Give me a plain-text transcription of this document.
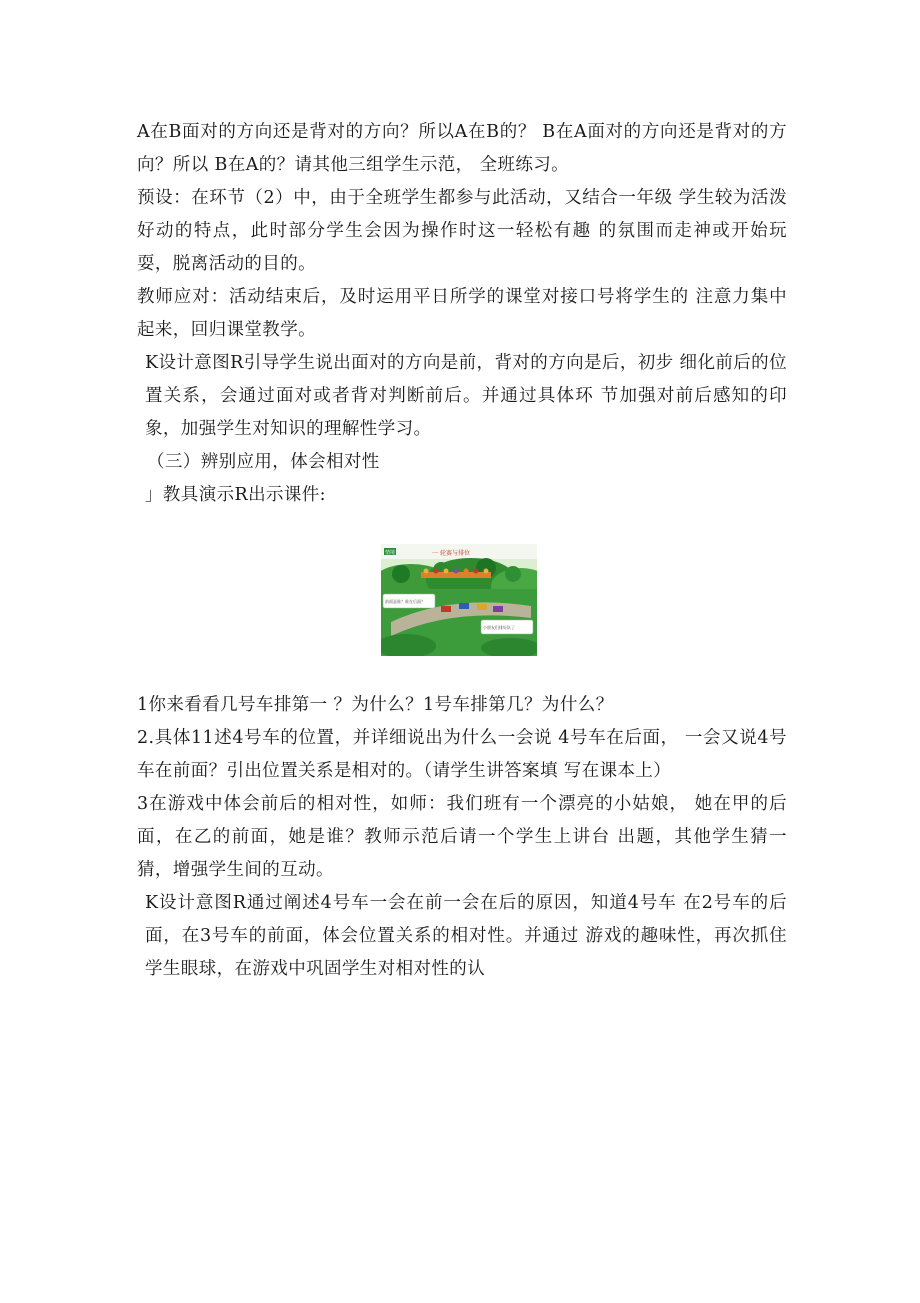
A在B面对的方向还是背对的方向？所以A在B的？ B在A面对的方向还是背对的方向？所以 B在A的？请其他三组学生示范， 全班练习。

预设：在环节（2）中，由于全班学生都参与此活动，又结合一年级 学生较为活泼好动的特点，此时部分学生会因为操作时这一轻松有趣 的氛围而走神或开始玩耍，脱离活动的目的。

教师应对：活动结束后，及时运用平日所学的课堂对接口号将学生的 注意力集中起来，回归课堂教学。

K设计意图R引导学生说出面对的方向是前，背对的方向是后，初步 细化前后的位置关系，会通过面对或者背对判断前后。并通过具体环 节加强对前后感知的印象，加强学生对知识的理解性学习。

（三）辨别应用，体会相对性

」教具演示R出示课件:

情境	一 轮赛与排位
前面是谁？谁在后面？
小朋友们排好队了

1你来看看几号车排第一 ？为什么？1号车排第几？为什么？

2.具体11述4号车的位置，并详细说出为什么一会说 4号车在后面， 一会又说4号车在前面？引出位置关系是相对的。（请学生讲答案填 写在课本上）

3在游戏中体会前后的相对性，如师：我们班有一个漂亮的小姑娘， 她在甲的后面，在乙的前面，她是谁？教师示范后请一个学生上讲台 出题，其他学生猜一猜，增强学生间的互动。

K设计意图R通过阐述4号车一会在前一会在后的原因，知道4号车 在2号车的后面，在3号车的前面，体会位置关系的相对性。并通过 游戏的趣味性，再次抓住学生眼球，在游戏中巩固学生对相对性的认
